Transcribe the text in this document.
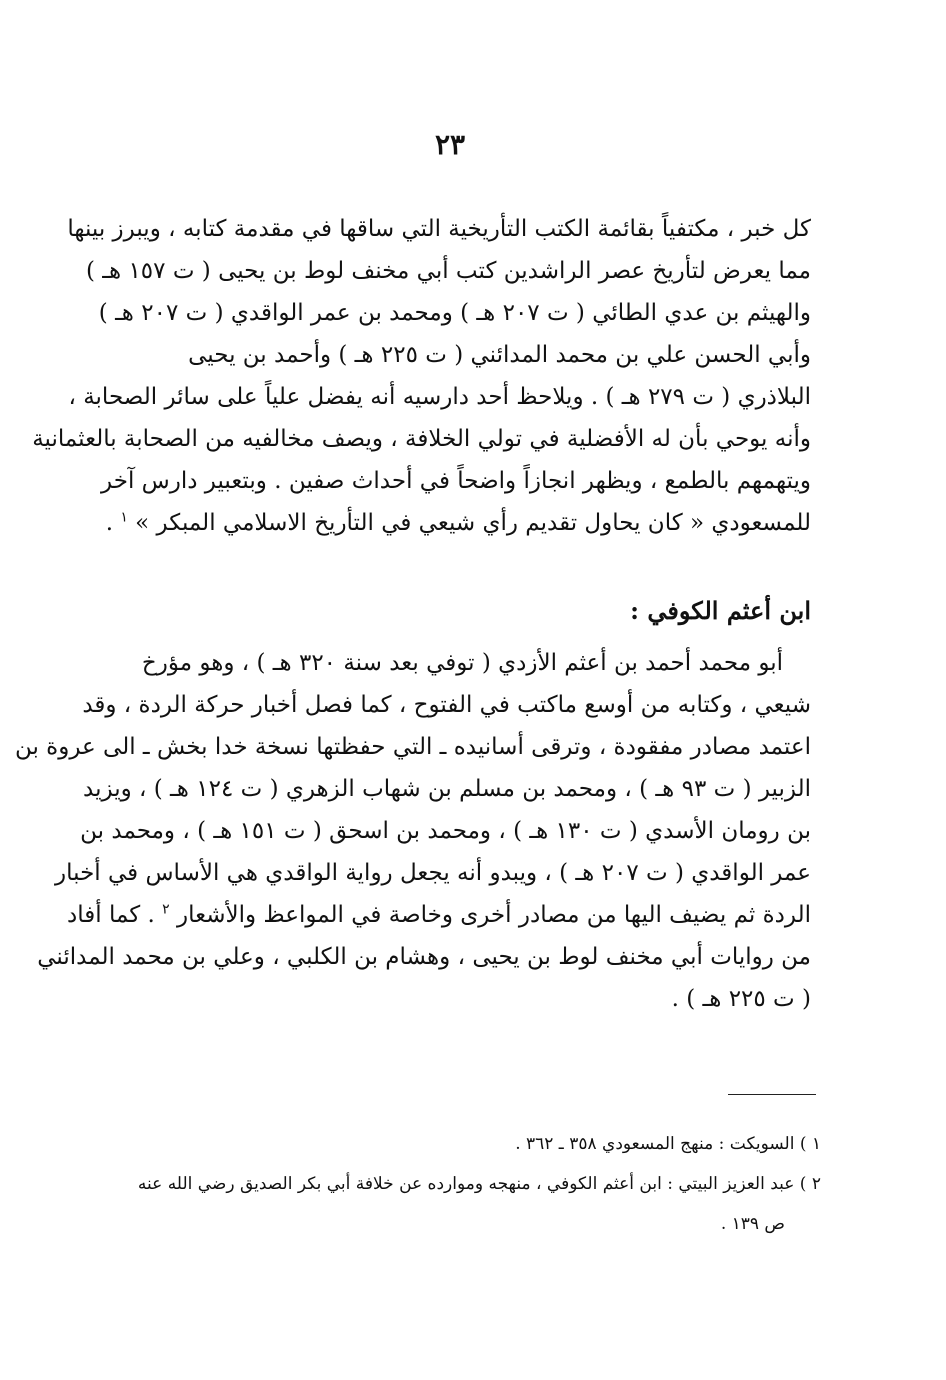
٢٣
كل خبر ، مكتفياً بقائمة الكتب التأريخية التي ساقها في مقدمة كتابه ، ويبرز بينها
مما يعرض لتأريخ عصر الراشدين كتب أبي مخنف لوط بن يحيى ( ت ١٥٧ هـ )
والهيثم بن عدي الطائي ( ت ٢٠٧ هـ ) ومحمد بن عمر الواقدي ( ت ٢٠٧ هـ )
وأبي الحسن علي بن محمد المدائني ( ت ٢٢٥ هـ ) وأحمد بن يحيى
البلاذري ( ت ٢٧٩ هـ ) . ويلاحظ أحد دارسيه أنه يفضل علياً على سائر الصحابة ،
وأنه يوحي بأن له الأفضلية في تولي الخلافة ، ويصف مخالفيه من الصحابة بالعثمانية
ويتهمهم بالطمع ، ويظهر انجازاً واضحاً في أحداث صفين . وبتعبير دارس آخر
للمسعودي « كان يحاول تقديم رأي شيعي في التأريخ الاسلامي المبكر » $^١$ .
ابن أعثم الكوفي :
أبو محمد أحمد بن أعثم الأزدي ( توفي بعد سنة ٣٢٠ هـ ) ، وهو مؤرخ
شيعي ، وكتابه من أوسع ماكتب في الفتوح ، كما فصل أخبار حركة الردة ، وقد
اعتمد مصادر مفقودة ، وترقى أسانيده ـ التي حفظتها نسخة خدا بخش ـ الى عروة بن
الزبير ( ت ٩٣ هـ ) ، ومحمد بن مسلم بن شهاب الزهري ( ت ١٢٤ هـ ) ، ويزيد
بن رومان الأسدي ( ت ١٣٠ هـ ) ، ومحمد بن اسحق ( ت ١٥١ هـ ) ، ومحمد بن
عمر الواقدي ( ت ٢٠٧ هـ ) ، ويبدو أنه يجعل رواية الواقدي هي الأساس في أخبار
الردة ثم يضيف اليها من مصادر أخرى وخاصة في المواعظ والأشعار $^٢$ . كما أفاد
من روايات أبي مخنف لوط بن يحيى ، وهشام بن الكلبي ، وعلي بن محمد المدائني
( ت ٢٢٥ هـ ) .
١ ) السويكت : منهج المسعودي ٣٥٨ ـ ٣٦٢ .
٢ ) عبد العزيز البيتي : ابن أعثم الكوفي ، منهجه وموارده عن خلافة أبي بكر الصديق رضي الله عنه
ص ١٣٩ .
